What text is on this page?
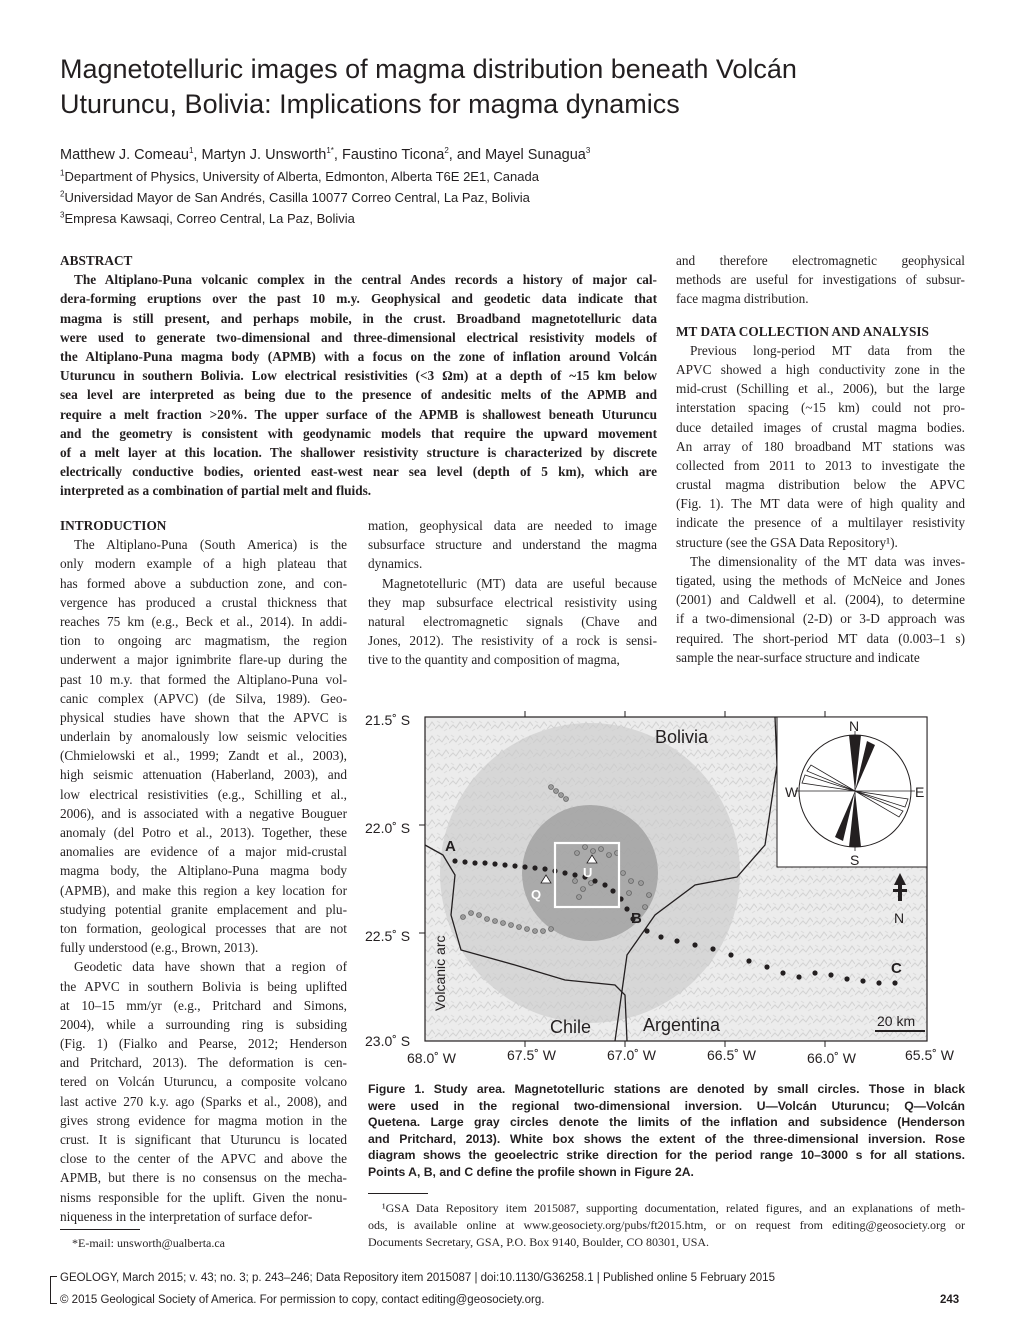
Magnetotelluric images of magma distribution beneath Volcán
Uturuncu, Bolivia: Implications for magma dynamics
Matthew J. Comeau$^1$, Martyn J. Unsworth$^{1*}$, Faustino Ticona$^2$, and Mayel Sunagua$^3$
$^1$Department of Physics, University of Alberta, Edmonton, Alberta T6E 2E1, Canada
$^2$Universidad Mayor de San Andrés, Casilla 10077 Correo Central, La Paz, Bolivia
$^3$Empresa Kawsaqi, Correo Central, La Paz, Bolivia
ABSTRACT
The Altiplano-Puna volcanic complex in the central Andes records a history of major cal-
dera-forming eruptions over the past 10 m.y. Geophysical and geodetic data indicate that
magma is still present, and perhaps mobile, in the crust. Broadband magnetotelluric data
were used to generate two-dimensional and three-dimensional electrical resistivity models of
the Altiplano-Puna magma body (APMB) with a focus on the zone of inflation around Volcán
Uturuncu in southern Bolivia. Low electrical resistivities (<3 Ωm) at a depth of ~15 km below
sea level are interpreted as being due to the presence of andesitic melts of the APMB and
require a melt fraction >20%. The upper surface of the APMB is shallowest beneath Uturuncu
and the geometry is consistent with geodynamic models that require the upward movement
of a melt layer at this location. The shallower resistivity structure is characterized by discrete
electrically conductive bodies, oriented east-west near sea level (depth of 5 km), which are
interpreted as a combination of partial melt and fluids.
and therefore electromagnetic geophysical
methods are useful for investigations of subsur-
face magma distribution.
MT DATA COLLECTION AND ANALYSIS
Previous long-period MT data from the
APVC showed a high conductivity zone in the
mid-crust (Schilling et al., 2006), but the large
interstation spacing (~15 km) could not pro-
duce detailed images of crustal magma bodies.
An array of 180 broadband MT stations was
collected from 2011 to 2013 to investigate the
crustal magma distribution below the APVC
(Fig. 1). The MT data were of high quality and
indicate the presence of a multilayer resistivity
structure (see the GSA Data Repository¹).
The dimensionality of the MT data was inves-
tigated, using the methods of McNeice and Jones
(2001) and Caldwell et al. (2004), to determine
if a two-dimensional (2-D) or 3-D approach was
required. The short-period MT data (0.003–1 s)
sample the near-surface structure and indicate
INTRODUCTION
The Altiplano-Puna (South America) is the
only modern example of a high plateau that
has formed above a subduction zone, and con-
vergence has produced a crustal thickness that
reaches 75 km (e.g., Beck et al., 2014). In addi-
tion to ongoing arc magmatism, the region
underwent a major ignimbrite flare-up during the
past 10 m.y. that formed the Altiplano-Puna vol-
canic complex (APVC) (de Silva, 1989). Geo-
physical studies have shown that the APVC is
underlain by anomalously low seismic velocities
(Chmielowski et al., 1999; Zandt et al., 2003),
high seismic attenuation (Haberland, 2003), and
low electrical resistivities (e.g., Schilling et al.,
2006), and is associated with a negative Bouguer
anomaly (del Potro et al., 2013). Together, these
anomalies are evidence of a major mid-crustal
magma body, the Altiplano-Puna magma body
(APMB), and make this region a key location for
studying potential granite emplacement and plu-
ton formation, geological processes that are not
fully understood (e.g., Brown, 2013).
Geodetic data have shown that a region of
the APVC in southern Bolivia is being uplifted
at 10–15 mm/yr (e.g., Pritchard and Simons,
2004), while a surrounding ring is subsiding
(Fig. 1) (Fialko and Pearse, 2012; Henderson
and Pritchard, 2013). The deformation is cen-
tered on Volcán Uturuncu, a composite volcano
last active 270 k.y. ago (Sparks et al., 2008), and
gives strong evidence for magma motion in the
crust. It is significant that Uturuncu is located
close to the center of the APVC and above the
APMB, but there is no consensus on the mecha-
nisms responsible for the uplift. Given the nonu-
niqueness in the interpretation of surface defor-
mation, geophysical data are needed to image
subsurface structure and understand the magma
dynamics.
Magnetotelluric (MT) data are useful because
they map subsurface electrical resistivity using
natural electromagnetic signals (Chave and
Jones, 2012). The resistivity of a rock is sensi-
tive to the quantity and composition of magma,
U
Q
A
B
C
Bolivia
Chile	Argentina
Volcanic arc
21.5˚ S
22.0˚ S
22.5˚ S
23.0˚ S
68.0˚ W	67.5˚ W	67.0˚ W	66.5˚ W	66.0˚ W	65.5˚ W
N
S
W	E
N
20 km
Figure 1. Study area. Magnetotelluric stations are denoted by small circles. Those in black
were used in the regional two-dimensional inversion. U—Volcán Uturuncu; Q—Volcán
Quetena. Large gray circles denote the limits of the inflation and subsidence (Henderson
and Pritchard, 2013). White box shows the extent of the three-dimensional inversion. Rose
diagram shows the geoelectric strike direction for the period range 10–3000 s for all stations.
Points A, B, and C define the profile shown in Figure 2A.
¹GSA Data Repository item 2015087, supporting documentation, related figures, and an explanations of meth-
ods, is available online at www.geosociety.org/pubs/ft2015.htm, or on request from editing@geosociety.org or
Documents Secretary, GSA, P.O. Box 9140, Boulder, CO 80301, USA.
*E-mail: unsworth@ualberta.ca
GEOLOGY, March 2015; v. 43; no. 3; p. 243–246; Data Repository item 2015087 | doi:10.1130/G36258.1 | Published online 5 February 2015
© 2015 Geological Society of America. For permission to copy, contact editing@geosociety.org.	243
